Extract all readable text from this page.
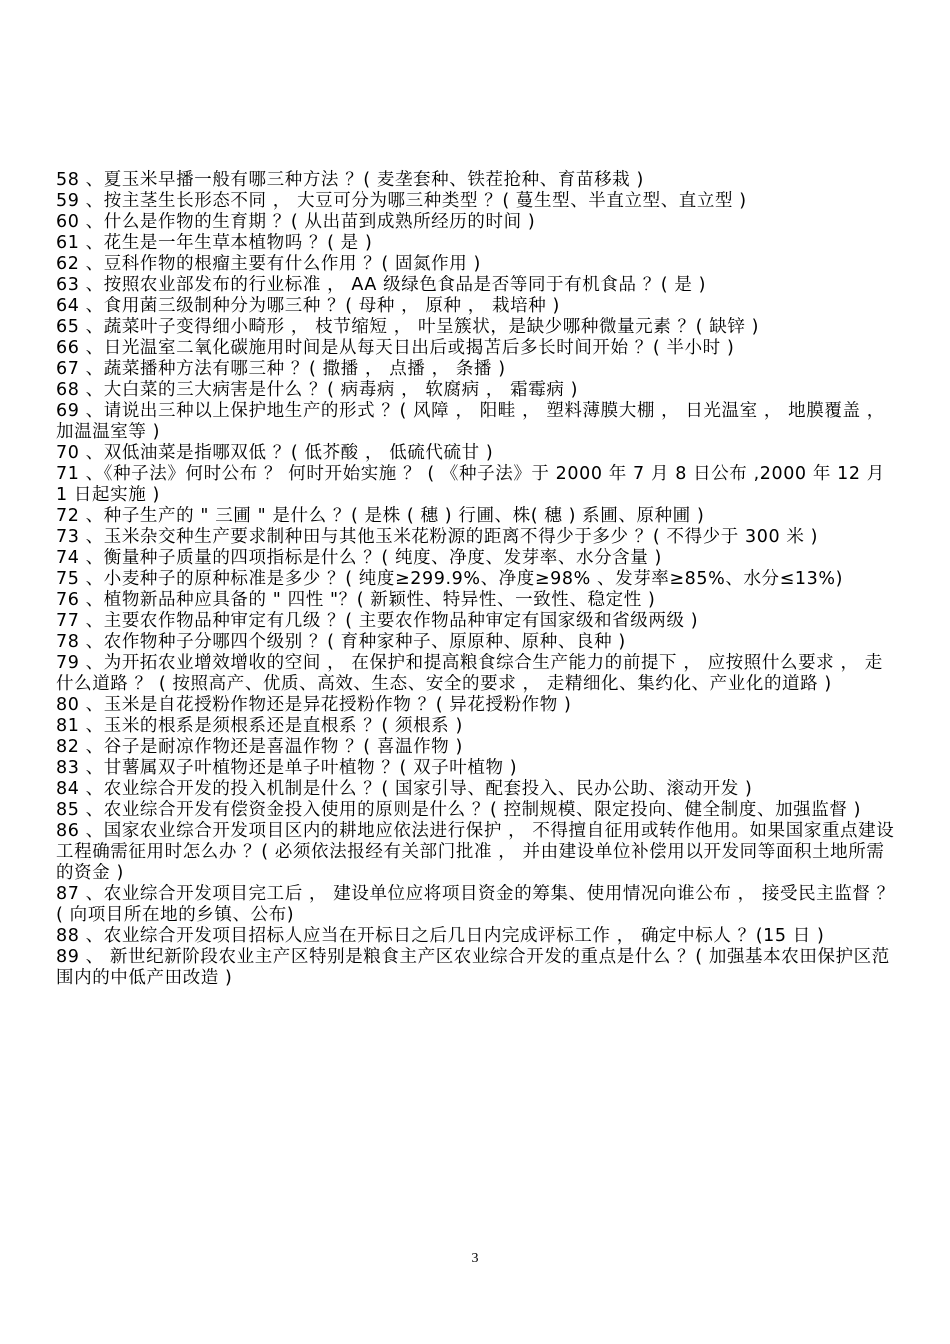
58 、夏玉米早播一般有哪三种方法 ？( 麦垄套种、铁茬抢种、育苗移栽 )

59 、按主茎生长形态不同 ， 大豆可分为哪三种类型 ？( 蔓生型、半直立型、直立型 )

60 、什么是作物的生育期 ？( 从出苗到成熟所经历的时间 )

61 、花生是一年生草本植物吗 ？( 是 )

62 、豆科作物的根瘤主要有什么作用 ？( 固氮作用 )

63 、按照农业部发布的行业标准 ， AA 级绿色食品是否等同于有机食品 ？( 是 )

64 、食用菌三级制种分为哪三种 ？( 母种 ， 原种 ， 栽培种 )

65 、蔬菜叶子变得细小畸形 ， 枝节缩短 ， 叶呈簇状，是缺少哪种微量元素 ？( 缺锌 )

66 、日光温室二氧化碳施用时间是从每天日出后或揭苫后多长时间开始 ？( 半小时 )

67 、蔬菜播种方法有哪三种 ？( 撒播 ， 点播 ， 条播 )

68 、大白菜的三大病害是什么 ？( 病毒病 ， 软腐病 ， 霜霉病 )

69 、请说出三种以上保护地生产的形式 ？( 风障 ， 阳畦 ， 塑料薄膜大棚 ， 日光温室 ， 地膜覆盖 ， 加温温室等 )

70 、双低油菜是指哪双低 ？( 低芥酸 ， 低硫代硫甘 )

71 、《种子法》何时公布 ？ 何时开始实施 ？ ( 《种子法》于 2000 年 7 月 8 日公布 ,2000 年 12 月 1 日起实施 )

72 、种子生产的 " 三圃 " 是什么 ？( 是株 ( 穗 ) 行圃、株( 穗 ) 系圃、原种圃 )

73 、玉米杂交种生产要求制种田与其他玉米花粉源的距离不得少于多少 ？( 不得少于 300 米 )

74 、衡量种子质量的四项指标是什么 ？( 纯度、净度、发芽率、水分含量 )

75 、小麦种子的原种标准是多少 ？( 纯度≥299.9%、净度≥98% 、发芽率≥85%、水分≤13%)

76 、植物新品种应具备的 " 四性 "？( 新颖性、特异性、一致性、稳定性 )

77 、主要农作物品种审定有几级 ？( 主要农作物品种审定有国家级和省级两级 )

78 、农作物种子分哪四个级别 ？( 育种家种子、原原种、原种、良种 )

79 、为开拓农业增效增收的空间 ， 在保护和提高粮食综合生产能力的前提下 ， 应按照什么要求 ， 走什么道路 ？ ( 按照高产、优质、高效、生态、安全的要求 ， 走精细化、集约化、产业化的道路 )

80 、玉米是自花授粉作物还是异花授粉作物 ？( 异花授粉作物 )

81 、玉米的根系是须根系还是直根系 ？( 须根系 )

82 、谷子是耐凉作物还是喜温作物 ？( 喜温作物 )

83 、甘薯属双子叶植物还是单子叶植物 ？( 双子叶植物 )

84 、农业综合开发的投入机制是什么 ？( 国家引导、配套投入、民办公助、滚动开发 )

85 、农业综合开发有偿资金投入使用的原则是什么 ？( 控制规模、限定投向、健全制度、加强监督 )

86 、国家农业综合开发项目区内的耕地应依法进行保护 ， 不得擅自征用或转作他用。如果国家重点建设工程确需征用时怎么办 ？( 必须依法报经有关部门批准 ， 并由建设单位补偿用以开发同等面积土地所需的资金 )

87 、农业综合开发项目完工后 ， 建设单位应将项目资金的筹集、使用情况向谁公布 ， 接受民主监督 ？( 向项目所在地的乡镇、公布)

88 、农业综合开发项目招标人应当在开标日之后几日内完成评标工作 ， 确定中标人 ？(15 日 )

89 、 新世纪新阶段农业主产区特别是粮食主产区农业综合开发的重点是什么 ？( 加强基本农田保护区范围内的中低产田改造 )

3
